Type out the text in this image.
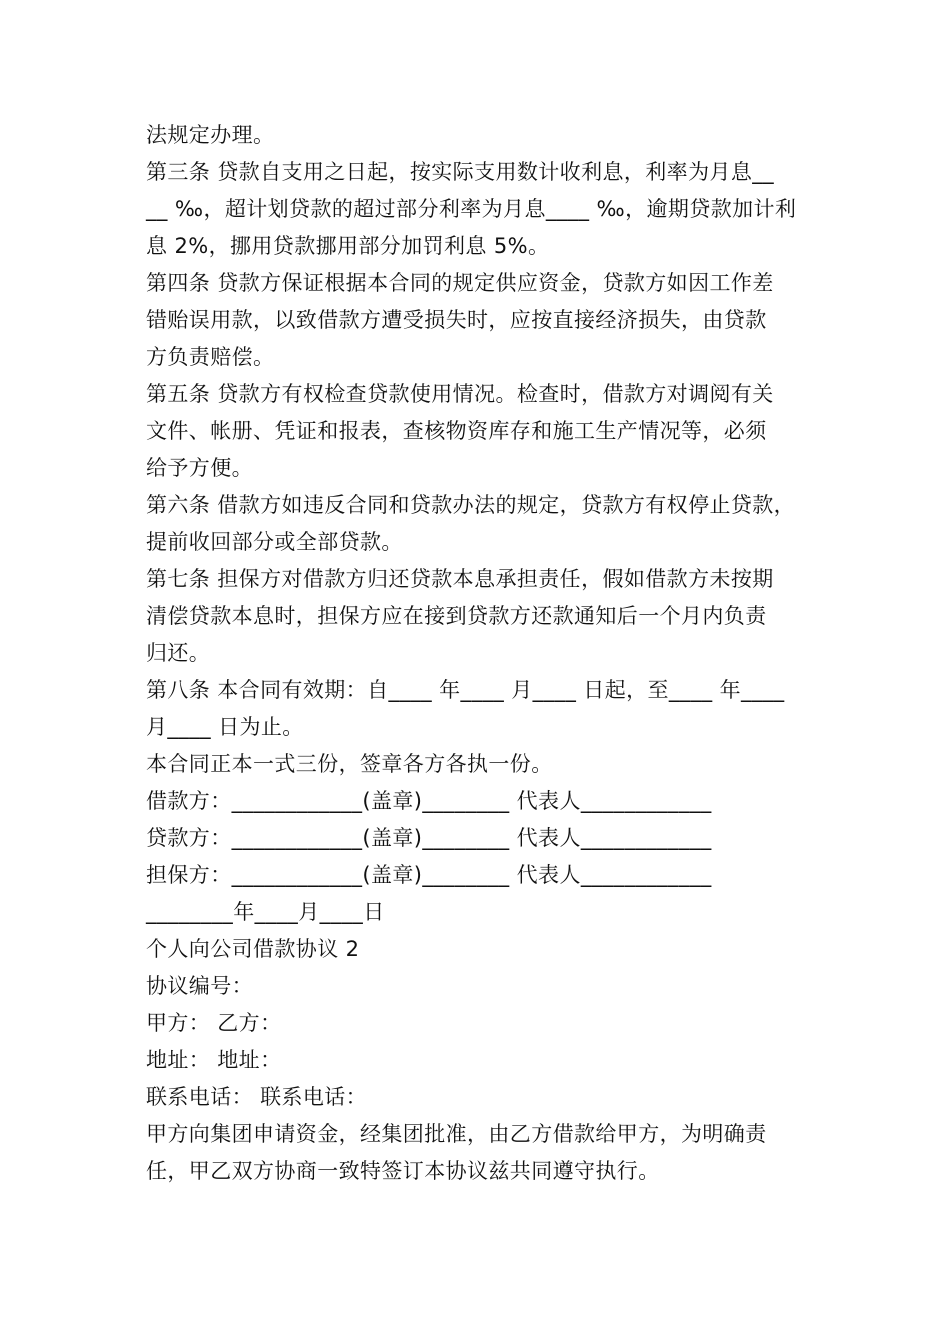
法规定办理。
第三条 贷款自支用之日起，按实际支用数计收利息，利率为月息__
__ ‰，超计划贷款的超过部分利率为月息____ ‰，逾期贷款加计利
息 2%，挪用贷款挪用部分加罚利息 5%。
第四条 贷款方保证根据本合同的规定供应资金，贷款方如因工作差
错贻误用款，以致借款方遭受损失时，应按直接经济损失，由贷款
方负责赔偿。
第五条 贷款方有权检查贷款使用情况。检查时，借款方对调阅有关
文件、帐册、凭证和报表，查核物资库存和施工生产情况等，必须
给予方便。
第六条 借款方如违反合同和贷款办法的规定，贷款方有权停止贷款，
提前收回部分或全部贷款。
第七条 担保方对借款方归还贷款本息承担责任，假如借款方未按期
清偿贷款本息时，担保方应在接到贷款方还款通知后一个月内负责
归还。
第八条 本合同有效期：自____ 年____ 月____ 日起，至____ 年____
月____ 日为止。
本合同正本一式三份，签章各方各执一份。
借款方：____________(盖章)________ 代表人____________
贷款方：____________(盖章)________ 代表人____________
担保方：____________(盖章)________ 代表人____________
________年____月____日
个人向公司借款协议 2
协议编号：
甲方： 乙方：
地址： 地址：
联系电话： 联系电话：
甲方向集团申请资金，经集团批准，由乙方借款给甲方，为明确责
任，甲乙双方协商一致特签订本协议兹共同遵守执行。
